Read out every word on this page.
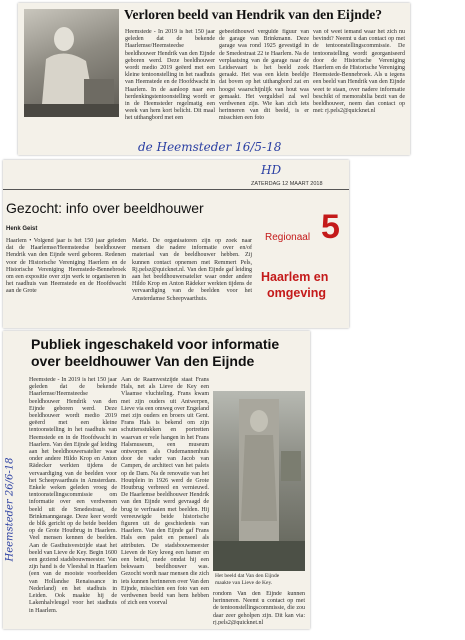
Verloren beeld van Hendrik van den Eijnde?
Heemstede - In 2019 is het 150 jaar geleden dat de bekende Haarlemse/Heemsteedse beeldhouwer Hendrik van den Eijnde geboren werd. Deze beeldhouwer wordt medio 2019 geëerd met een kleine tentoonstelling in het raadhuis van Heemstede en de Hoofdwacht in Haarlem. In de aanloop naar een herdenkingstentoonstelling wordt er in de Heemsteder regelmatig een week van hem kort belicht. Dit maal het uithangbord met een
gebeeldhouwd vergulde figuur van de garage van Brinkmann. Deze garage was rond 1925 gevestigd in de Smedestraat 22 te Haarlem. Na de verplaatsing van de garage naar de Leidsevaart is het beeld zoek geraakt. Het was een klein beeldje dat boven op het uithangbord zat en hoogst waarschijnlijk van hout was gemaakt. Het verguldsel zal wel verdwenen zijn. Wie kan zich iets herinneren van dit beeld, is er misschien een foto
van of weet iemand waar het zich nu bevindt? Neemt u dan contact op met de tentoonstellingscommissie. De tentoonstelling wordt georganiseerd door de Historische Vereniging Haerlem en de Historische Vereniging Heemstede-Bennebroek. Als u iegens een beeld van Hendrik van den Eijnde weet te staan, over nadere informatie beschikt of memorabilia bezit van de beeldhouwer, neem dan contact op met: rj.pels2@quicknet.nl
de Heemsteder 16/5-18
HD
ZATERDAG 12 MAART 2018
Gezocht: info over beeldhouwer
Regionaal 5
Henk Geist
Haarlem • Volgend jaar is het 150 jaar geleden dat de Haarlemse/Heemsteedse beeldhouwer Hendrik van den Eijnde werd geboren. Redenen voor de Historische Vereniging Haerlem en de Historische Vereniging Heemstede-Bennebroek om een expositie over zijn werk te organiseren in het raadhuis van Heemstede en de Hoofdwacht aan de Grote
Markt. De organisatoren zijn op zoek naar mensen die nadere informatie over en/of materiaal van de beeldhouwer hebben. Zij kunnen contact opnemen met Remmert Pels, Rj.pelsz@quicknet.nl. Van den Eijnde gaf leiding aan het beeldhouwersatelier waar onder andere Hildo Krop en Anton Rädeker werkten tijdens de vervaardiging van de beelden voor het Amsterdamse Scheepvaarthuis.
Haarlem en
omgeving
Publiek ingeschakeld voor informatie
over beeldhouwer Van den Eijnde
Heemstede - In 2019 is het 150 jaar geleden dat de bekende Haarlemse/Heemsteedse beeldhouwer Hendrik van den Eijnde geboren werd. Deze beeldhouwer wordt medio 2019 geëerd met een kleine tentoonstelling in het raadhuis van Heemstede en in de Hoofdwacht in Haarlem. Van den Eijnde gaf leiding aan het beeldhouwersatelier waar onder andere Hildo Krop en Anton Rädecker werkten tijdens de vervaardiging van de beelden voor het Scheepvaarthuis in Amsterdam. Enkele weken geleden vroeg de tentoonstellingscommissie om informatie over een verdwenen beeld uit de Smedestraat, de Brinkmanngarage. Deze keer wordt de blik gericht op de beide beelden op de Grote Houtbrug in Haarlem. Veel mensen kennen de beelden. Aan de Gasthuisvestzijde staat het beeld van Lieve de Key. Begin 1600 een geziend stadsbouwmeester. Van zijn hand is de Vleeshal in Haarlem (een van de mooiste voorbeelden van Hollandse Renaissance in Nederland) en het stadhuis in Leiden. Ook maakte hij de Lakenhalvleugel voor het stadhuis in Haarlem.
Aan de Raamvestzijde staat Frans Hals, net als Lieve de Key een Vlaamse vluchteling. Frans kwam met zijn ouders uit Antwerpen, Lieve via een omweg over Engeland met zijn ouders en broers uit Gent. Frans Hals is bekend om zijn schuttersstukken en portretten waarvan er vele hangen in het Frans Halsmuseum, een museum ontworpen als Oudemannenhuis door de vader van Jacob van Campen, de architect van het paleis op de Dam. Na de renovatie van het Houtplein in 1926 werd de Grote Houtbrug verbreed en vernieuwd. De Haarlemse beeldhouwer Hendrik van den Eijnde werd gevraagd de brug te verfraaien met beelden. Hij vereeuwigde beide historische figuren uit de geschiedenis van Haarlem. Van den Eijnde gaf Frans Hals een palet en penseel als attributen. De stadsbouwmeester Lieven de Key kreeg een hamer en een beitel, mede omdat hij een bekwaam beeldhouwer was. Gezocht wordt naar mensen die zich iets kunnen herinneren over Van den Eijnde, misschien een foto van een verdwenen beeld van hem hebben of zich een voorval
Het beeld dat Van den Eijnde
maakte van Lieve de Key.
rondom Van den Eijnde kunnen herinneren. Neemt u contact op met de tentoonstellingscommissie, die zou daar zeer geholpen zijn. Dit kan via: rj.pels2@quicknet.nl
Heemsteder 26/6-18
